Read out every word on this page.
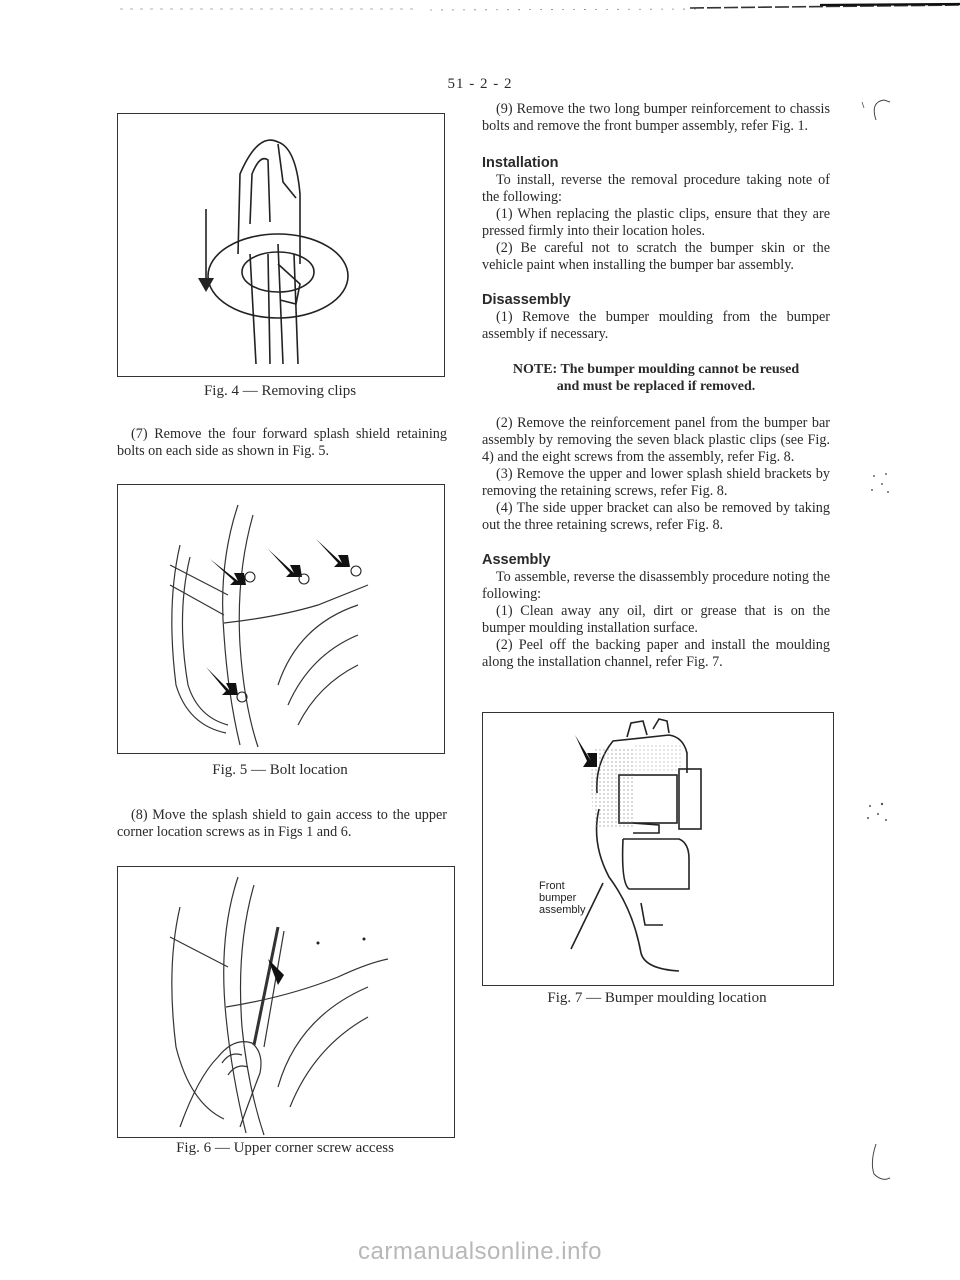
51 - 2 - 2
Fig. 4 — Removing clips
(7) Remove the four forward splash shield retaining bolts on each side as shown in Fig. 5.
Fig. 5 — Bolt location
(8) Move the splash shield to gain access to the upper corner location screws as in Figs 1 and 6.
Fig. 6 — Upper corner screw access

(9) Remove the two long bumper reinforcement to chassis bolts and remove the front bumper assembly, refer Fig. 1.

Installation

To install, reverse the removal procedure taking note of the following:

(1) When replacing the plastic clips, ensure that they are pressed firmly into their location holes.

(2) Be careful not to scratch the bumper skin or the vehicle paint when installing the bumper bar assembly.

Disassembly

(1) Remove the bumper moulding from the bumper assembly if necessary.

NOTE: The bumper moulding cannot be reused

and must be replaced if removed.

(2) Remove the reinforcement panel from the bumper bar assembly by removing the seven black plastic clips (see Fig. 4) and the eight screws from the assembly, refer Fig. 8.

(3) Remove the upper and lower splash shield brackets by removing the retaining screws, refer Fig. 8.

(4) The side upper bracket can also be removed by taking out the three retaining screws, refer Fig. 8.

Assembly

To assemble, reverse the disassembly procedure noting the following:

(1) Clean away any oil, dirt or grease that is on the bumper moulding installation surface.

(2) Peel off the backing paper and install the moulding along the installation channel, refer Fig. 7.

Front
bumper
assembly
Fig. 7 — Bumper moulding location
carmanualsonline.info
